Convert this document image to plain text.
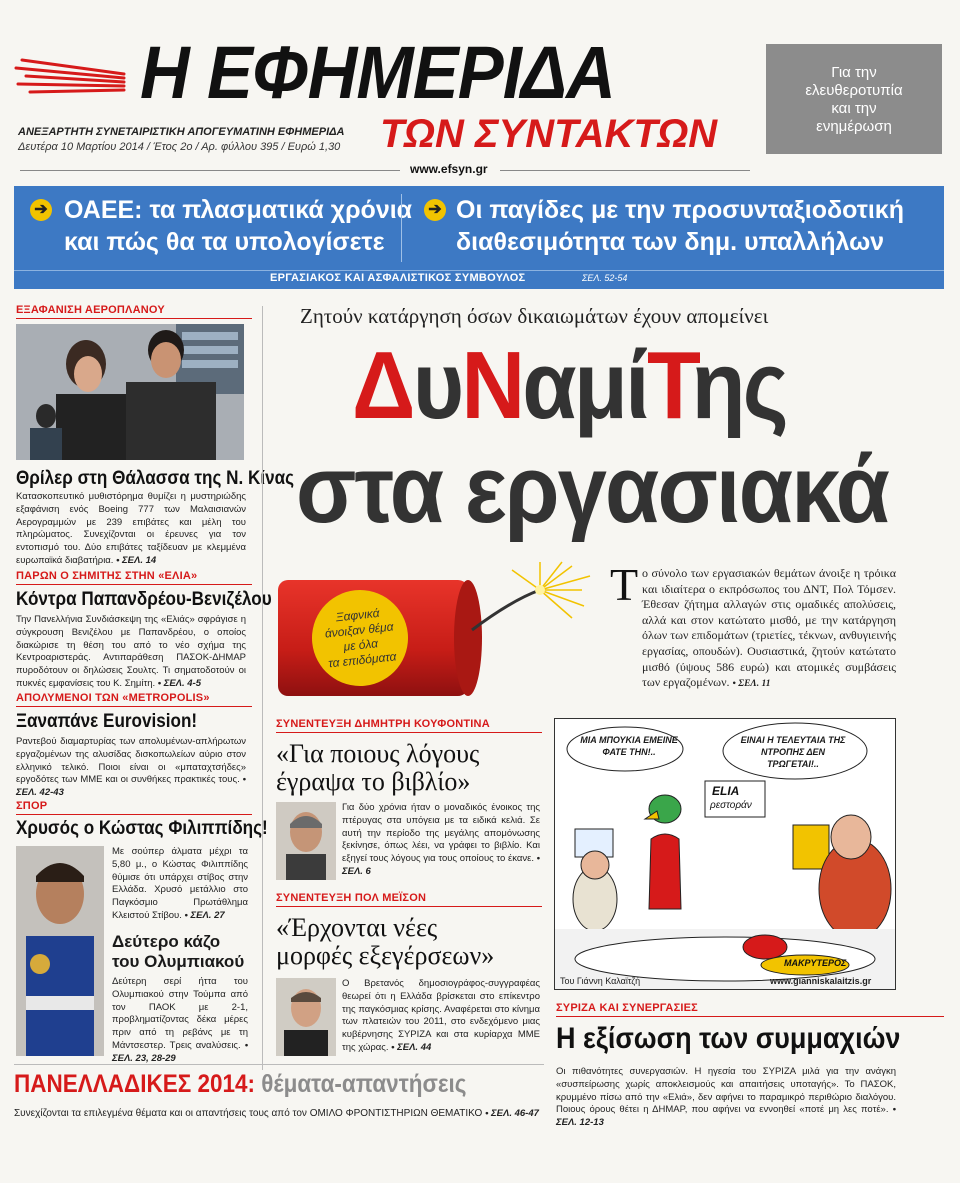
Η ΕΦΗΜΕΡΙΔΑ
ΤΩΝ ΣΥΝΤΑΚΤΩΝ
ΑΝΕΞΑΡΤΗΤΗ ΣΥΝΕΤΑΙΡΙΣΤΙΚΗ ΑΠΟΓΕΥΜΑΤΙΝΗ ΕΦΗΜΕΡΙΔΑ
Δευτέρα 10 Μαρτίου 2014 / Έτος 2ο / Αρ. φύλλου 395 / Ευρώ 1,30
www.efsyn.gr
Για την
ελευθεροτυπία
και την
ενημέρωση
➔ ΟΑΕΕ: τα πλασματικά χρόνια
και πώς θα τα υπολογίσετε
➔ Οι παγίδες με την προσυνταξιοδοτική
διαθεσιμότητα των δημ. υπαλλήλων
ΕΡΓΑΣΙΑΚΟΣ ΚΑΙ ΑΣΦΑΛΙΣΤΙΚΟΣ ΣΥΜΒΟΥΛΟΣ	ΣΕΛ. 52-54
ΕΞΑΦΑΝΙΣΗ ΑΕΡΟΠΛΑΝΟΥ
Θρίλερ στη Θάλασσα της Ν. Κίνας
Κατασκοπευτικό μυθιστόρημα θυμίζει η μυστηριώδης εξαφάνιση ενός Boeing 777 των Μαλαισιανών Αερογραμμών με 239 επιβάτες και μέλη του πληρώματος. Συνεχίζονται οι έρευνες για τον εντοπισμό του. Δύο επιβάτες ταξίδευαν με κλεμμένα ευρωπαϊκά διαβατήρια. • ΣΕΛ. 14
ΠΑΡΩΝ Ο ΣΗΜΙΤΗΣ ΣΤΗΝ «ΕΛΙΑ»
Κόντρα Παπανδρέου-Βενιζέλου
Την Πανελλήνια Συνδιάσκεψη της «Ελιάς» σφράγισε η σύγκρουση Βενιζέλου με Παπανδρέου, ο οποίος διακώρισε τη θέση του από το νέο σχήμα της Κεντροαριστεράς. Αντιπαράθεση ΠΑΣΟΚ-ΔΗΜΑΡ πυροδότουν οι δηλώσεις Σουλτς. Τι σηματοδοτούν οι πυκνές εμφανίσεις του Κ. Σημίτη. • ΣΕΛ. 4-5
ΑΠΟΛΥΜΕΝΟΙ ΤΩΝ «METROPOLIS»
Ξαναπάνε Eurovision!
Ραντεβού διαμαρτυρίας των απολυμένων-απλήρωτων εργαζομένων της αλυσίδας δισκοπωλείων αύριο στον ελληνικό τελικό. Ποιοι είναι οι «μπαταχτσήδες» εργοδότες των ΜΜΕ και οι συνθήκες πρακτικές τους. • ΣΕΛ. 42-43
ΣΠΟΡ
Χρυσός ο Κώστας Φιλιππίδης!
Με σούπερ άλματα μέχρι τα 5,80 μ., ο Κώστας Φιλιππίδης θύμισε ότι υπάρχει στίβος στην Ελλάδα. Χρυσό μετάλλιο στο Παγκόσμιο Πρωτάθλημα Κλειστού Στίβου. • ΣΕΛ. 27
Δεύτερο κάζο
του Ολυμπιακού
Δεύτερη σερί ήττα του Ολυμπιακού στην Τούμπα από τον ΠΑΟΚ με 2-1, προβληματίζοντας δέκα μέρες πριν από τη ρεβάνς με τη Μάντσεστερ. Τρεις αναλύσεις. • ΣΕΛ. 23, 28-29
Ζητούν κατάργηση όσων δικαιωμάτων έχουν απομείνει
ΔυΝαμίΤης
στα εργασιακά
Ξαφνικά
άνοιξαν θέμα
με όλα
τα επιδόματα
Τ ο σύνολο των εργασιακών θεμάτων άνοιξε η τρόικα και ιδιαίτερα ο εκπρόσωπος του ΔΝΤ, Πολ Τόμσεν. Έθεσαν ζήτημα αλλαγών στις ομαδικές απολύσεις, αλλά και στον κατώτατο μισθό, με την κατάργηση όλων των επιδομάτων (τριετίες, τέκνων, ανθυγιεινής εργασίας, οπουδών). Ουσιαστικά, ζητούν κατώτατο μισθό (ύψους 586 ευρώ) και ατομικές συμβάσεις των εργαζομένων. • ΣΕΛ. 11
ΣΥΝΕΝΤΕΥΞΗ ΔΗΜΗΤΡΗ ΚΟΥΦΟΝΤΙΝΑ
«Για ποιους λόγους
έγραψα το βιβλίο»
Για δύο χρόνια ήταν ο μοναδικός ένοικος της πτέρυγας στα υπόγεια με τα ειδικά κελιά. Σε αυτή την περίοδο της μεγάλης απομόνωσης ξεκίνησε, όπως λέει, να γράφει το βιβλίο. Και εξηγεί τους λόγους για τους οποίους το έκανε. • ΣΕΛ. 6
ΣΥΝΕΝΤΕΥΞΗ ΠΟΛ ΜΕΪΣΟΝ
«Έρχονται νέες
μορφές εξεγέρσεων»
Ο Βρετανός δημοσιογράφος-συγγραφέας θεωρεί ότι η Ελλάδα βρίσκεται στο επίκεντρο της παγκόσμιας κρίσης. Αναφέρεται στο κίνημα των πλατειών του 2011, στο ενδεχόμενο μιας κυβέρνησης ΣΥΡΙΖΑ και στα κυρίαρχα ΜΜΕ της χώρας. • ΣΕΛ. 44
ΜΙΑ ΜΠΟΥΚΙΑ ΕΜΕΙΝΕ ΦΑΤΕ ΤΗΝ!..
ΕΙΝΑΙ Η ΤΕΛΕΥΤΑΙΑ ΤΗΣ ΝΤΡΟΠΗΣ ΔΕΝ ΤΡΩΓΕΤΑΙ!..
ELIA
ρεστοράν
ΜΑΚΡΥΤΕΡΟΣ
Του Γιάννη Καλαϊτζή	www.gianniskalaitzis.gr
ΣΥΡΙΖΑ ΚΑΙ ΣΥΝΕΡΓΑΣΙΕΣ
Η εξίσωση των συμμαχιών
Οι πιθανότητες συνεργασιών. Η ηγεσία του ΣΥΡΙΖΑ μιλά για την ανάγκη «συσπείρωσης χωρίς αποκλεισμούς και απαιτήσεις υποταγής». Το ΠΑΣΟΚ, κρυμμένο πίσω από την «Ελιά», δεν αφήνει το παραμικρό περιθώριο διαλόγου. Ποιους όρους θέτει η ΔΗΜΑΡ, που αφήνει να εννοηθεί «ποτέ μη λες ποτέ». • ΣΕΛ. 12-13
ΠΑΝΕΛΛΑΔΙΚΕΣ 2014: θέματα-απαντήσεις
Συνεχίζονται τα επιλεγμένα θέματα και οι απαντήσεις τους από τον ΟΜΙΛΟ ΦΡΟΝΤΙΣΤΗΡΙΩΝ ΘΕΜΑΤΙΚΟ • ΣΕΛ. 46-47
